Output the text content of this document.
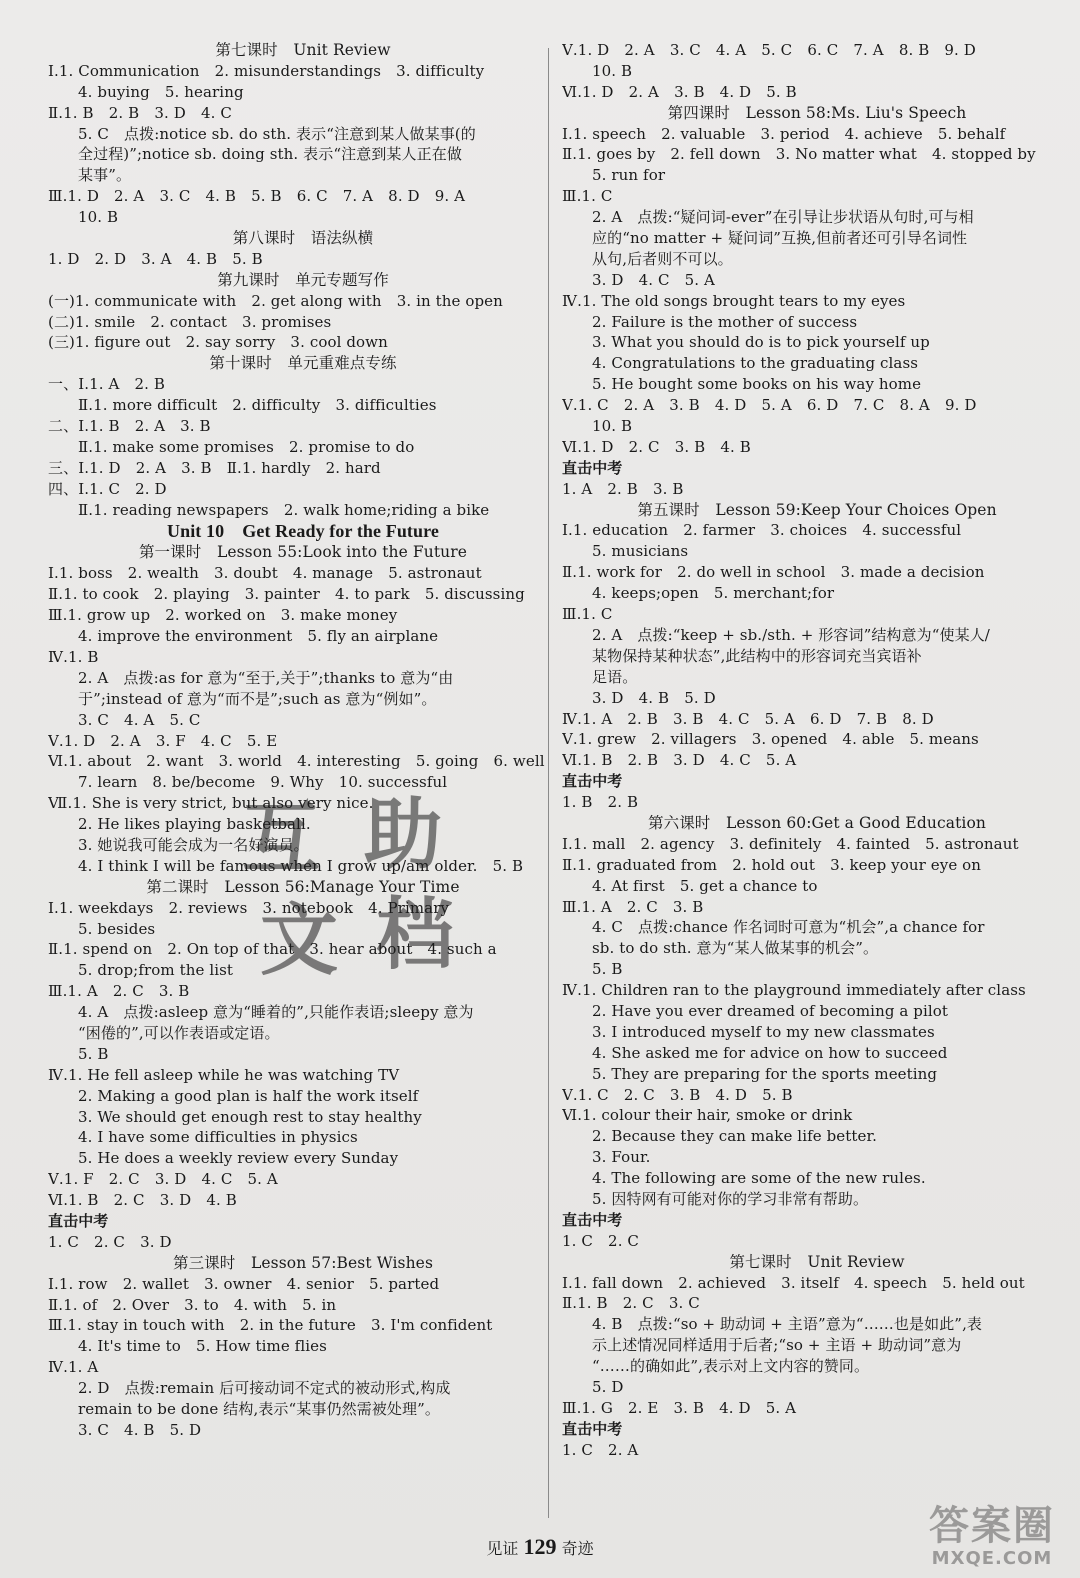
第七课时　Unit Review
Ⅰ.1. Communication　2. misunderstandings　3. difficulty
4. buying　5. hearing
Ⅱ.1. B　2. B　3. D　4. C
5. C　点拨:notice sb. do sth. 表示“注意到某人做某事(的
全过程)”;notice sb. doing sth. 表示“注意到某人正在做
某事”。
Ⅲ.1. D　2. A　3. C　4. B　5. B　6. C　7. A　8. D　9. A
10. B
第八课时　语法纵横
1. D　2. D　3. A　4. B　5. B
第九课时　单元专题写作
(一)1. communicate with　2. get along with　3. in the open
(二)1. smile　2. contact　3. promises
(三)1. figure out　2. say sorry　3. cool down
第十课时　单元重难点专练
一、Ⅰ.1. A　2. B
Ⅱ.1. more difficult　2. difficulty　3. difficulties
二、Ⅰ.1. B　2. A　3. B
Ⅱ.1. make some promises　2. promise to do
三、Ⅰ.1. D　2. A　3. B　Ⅱ.1. hardly　2. hard
四、Ⅰ.1. C　2. D
Ⅱ.1. reading newspapers　2. walk home;riding a bike
Unit 10　Get Ready for the Future
第一课时　Lesson 55:Look into the Future
Ⅰ.1. boss　2. wealth　3. doubt　4. manage　5. astronaut
Ⅱ.1. to cook　2. playing　3. painter　4. to park　5. discussing
Ⅲ.1. grow up　2. worked on　3. make money
4. improve the environment　5. fly an airplane
Ⅳ.1. B
2. A　点拨:as for 意为“至于,关于”;thanks to 意为“由
于”;instead of 意为“而不是”;such as 意为“例如”。
3. C　4. A　5. C
Ⅴ.1. D　2. A　3. F　4. C　5. E
Ⅵ.1. about　2. want　3. world　4. interesting　5. going　6. well
7. learn　8. be/become　9. Why　10. successful
Ⅶ.1. She is very strict, but also very nice.
2. He likes playing basketball.
3. 她说我可能会成为一名好演员。
4. I think I will be famous when I grow up/am older.　5. B
第二课时　Lesson 56:Manage Your Time
Ⅰ.1. weekdays　2. reviews　3. notebook　4. Primary
5. besides
Ⅱ.1. spend on　2. On top of that　3. hear about　4. such a
5. drop;from the list
Ⅲ.1. A　2. C　3. B
4. A　点拨:asleep 意为“睡着的”,只能作表语;sleepy 意为
“困倦的”,可以作表语或定语。
5. B
Ⅳ.1. He fell asleep while he was watching TV
2. Making a good plan is half the work itself
3. We should get enough rest to stay healthy
4. I have some difficulties in physics
5. He does a weekly review every Sunday
Ⅴ.1. F　2. C　3. D　4. C　5. A
Ⅵ.1. B　2. C　3. D　4. B
直击中考
1. C　2. C　3. D
第三课时　Lesson 57:Best Wishes
Ⅰ.1. row　2. wallet　3. owner　4. senior　5. parted
Ⅱ.1. of　2. Over　3. to　4. with　5. in
Ⅲ.1. stay in touch with　2. in the future　3. I'm confident
4. It's time to　5. How time flies
Ⅳ.1. A
2. D　点拨:remain 后可接动词不定式的被动形式,构成
remain to be done 结构,表示“某事仍然需被处理”。
3. C　4. B　5. D
Ⅴ.1. D　2. A　3. C　4. A　5. C　6. C　7. A　8. B　9. D
10. B
Ⅵ.1. D　2. A　3. B　4. D　5. B
第四课时　Lesson 58:Ms. Liu's Speech
Ⅰ.1. speech　2. valuable　3. period　4. achieve　5. behalf
Ⅱ.1. goes by　2. fell down　3. No matter what　4. stopped by
5. run for
Ⅲ.1. C
2. A　点拨:“疑问词-ever”在引导让步状语从句时,可与相
应的“no matter + 疑问词”互换,但前者还可引导名词性
从句,后者则不可以。
3. D　4. C　5. A
Ⅳ.1. The old songs brought tears to my eyes
2. Failure is the mother of success
3. What you should do is to pick yourself up
4. Congratulations to the graduating class
5. He bought some books on his way home
Ⅴ.1. C　2. A　3. B　4. D　5. A　6. D　7. C　8. A　9. D
10. B
Ⅵ.1. D　2. C　3. B　4. B
直击中考
1. A　2. B　3. B
第五课时　Lesson 59:Keep Your Choices Open
Ⅰ.1. education　2. farmer　3. choices　4. successful
5. musicians
Ⅱ.1. work for　2. do well in school　3. made a decision
4. keeps;open　5. merchant;for
Ⅲ.1. C
2. A　点拨:“keep + sb./sth. + 形容词”结构意为“使某人/
某物保持某种状态”,此结构中的形容词充当宾语补
足语。
3. D　4. B　5. D
Ⅳ.1. A　2. B　3. B　4. C　5. A　6. D　7. B　8. D
Ⅴ.1. grew　2. villagers　3. opened　4. able　5. means
Ⅵ.1. B　2. B　3. D　4. C　5. A
直击中考
1. B　2. B
第六课时　Lesson 60:Get a Good Education
Ⅰ.1. mall　2. agency　3. definitely　4. fainted　5. astronaut
Ⅱ.1. graduated from　2. hold out　3. keep your eye on
4. At first　5. get a chance to
Ⅲ.1. A　2. C　3. B
4. C　点拨:chance 作名词时可意为“机会”,a chance for
sb. to do sth. 意为“某人做某事的机会”。
5. B
Ⅳ.1. Children ran to the playground immediately after class
2. Have you ever dreamed of becoming a pilot
3. I introduced myself to my new classmates
4. She asked me for advice on how to succeed
5. They are preparing for the sports meeting
Ⅴ.1. C　2. C　3. B　4. D　5. B
Ⅵ.1. colour their hair, smoke or drink
2. Because they can make life better.
3. Four.
4. The following are some of the new rules.
5. 因特网有可能对你的学习非常有帮助。
直击中考
1. C　2. C
第七课时　Unit Review
Ⅰ.1. fall down　2. achieved　3. itself　4. speech　5. held out
Ⅱ.1. B　2. C　3. C
4. B　点拨:“so + 助动词 + 主语”意为“……也是如此”,表
示上述情况同样适用于后者;“so + 主语 + 助动词”意为
“……的确如此”,表示对上文内容的赞同。
5. D
Ⅲ.1. G　2. E　3. B　4. D　5. A
直击中考
1. C　2. A
互 助
文 档
见证 129 奇迹	答案圈
MXQE.COM
